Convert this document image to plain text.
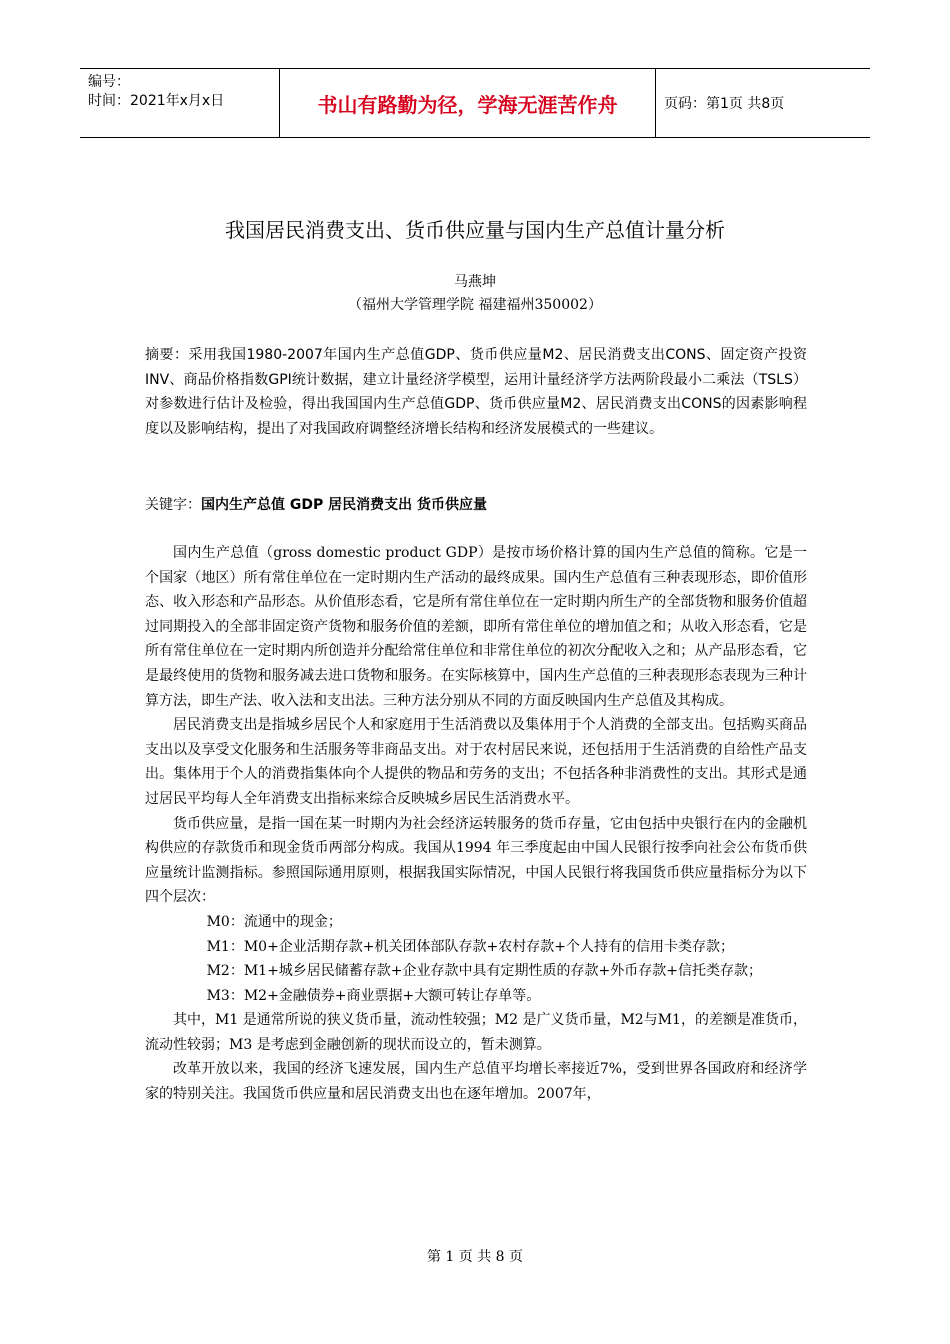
编号：
时间：2021年x月x日	书山有路勤为径，学海无涯苦作舟	页码：第1页 共8页
我国居民消费支出、货币供应量与国内生产总值计量分析
马燕坤
（福州大学管理学院 福建福州350002）
摘要：采用我国1980-2007年国内生产总值GDP、货币供应量M2、居民消费支出CONS、固定资产投资INV、商品价格指数GPI统计数据，建立计量经济学模型，运用计量经济学方法两阶段最小二乘法（TSLS）对参数进行估计及检验，得出我国国内生产总值GDP、货币供应量M2、居民消费支出CONS的因素影响程度以及影响结构，提出了对我国政府调整经济增长结构和经济发展模式的一些建议。
关键字：国内生产总值 GDP 居民消费支出 货币供应量

国内生产总值（gross domestic product GDP）是按市场价格计算的国内生产总值的简称。它是一个国家（地区）所有常住单位在一定时期内生产活动的最终成果。国内生产总值有三种表现形态，即价值形态、收入形态和产品形态。从价值形态看，它是所有常住单位在一定时期内所生产的全部货物和服务价值超过同期投入的全部非固定资产货物和服务价值的差额，即所有常住单位的增加值之和；从收入形态看，它是所有常住单位在一定时期内所创造并分配给常住单位和非常住单位的初次分配收入之和；从产品形态看，它是最终使用的货物和服务减去进口货物和服务。在实际核算中，国内生产总值的三种表现形态表现为三种计算方法，即生产法、收入法和支出法。三种方法分别从不同的方面反映国内生产总值及其构成。

居民消费支出是指城乡居民个人和家庭用于生活消费以及集体用于个人消费的全部支出。包括购买商品支出以及享受文化服务和生活服务等非商品支出。对于农村居民来说，还包括用于生活消费的自给性产品支出。集体用于个人的消费指集体向个人提供的物品和劳务的支出；不包括各种非消费性的支出。其形式是通过居民平均每人全年消费支出指标来综合反映城乡居民生活消费水平。

货币供应量，是指一国在某一时期内为社会经济运转服务的货币存量，它由包括中央银行在内的金融机构供应的存款货币和现金货币两部分构成。我国从1994 年三季度起由中国人民银行按季向社会公布货币供应量统计监测指标。参照国际通用原则，根据我国实际情况，中国人民银行将我国货币供应量指标分为以下四个层次：

M0：流通中的现金；

M1：M0+企业活期存款+机关团体部队存款+农村存款+个人持有的信用卡类存款；

M2：M1+城乡居民储蓄存款+企业存款中具有定期性质的存款+外币存款+信托类存款；

M3：M2+金融债券+商业票据+大额可转让存单等。

其中，M1 是通常所说的狭义货币量，流动性较强；M2 是广义货币量，M2与M1，的差额是准货币，流动性较弱；M3 是考虑到金融创新的现状而设立的，暂未测算。

改革开放以来，我国的经济飞速发展，国内生产总值平均增长率接近7%，受到世界各国政府和经济学家的特别关注。我国货币供应量和居民消费支出也在逐年增加。2007年，

第 1 页 共 8 页
